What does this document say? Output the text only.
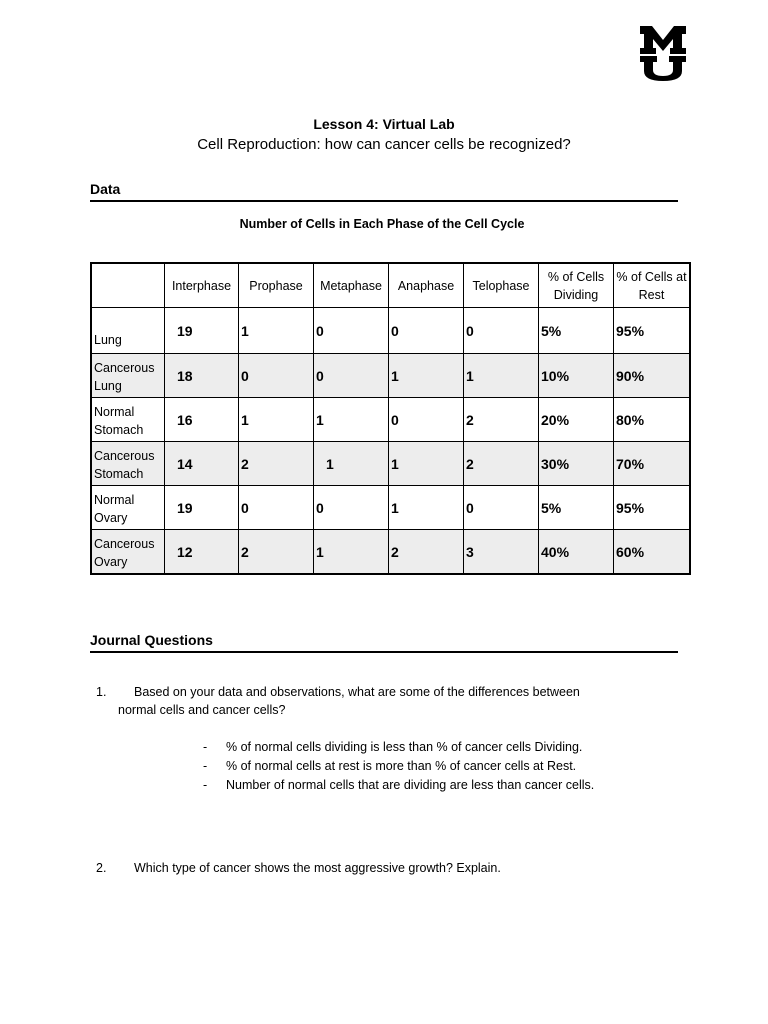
Lesson 4: Virtual Lab
Cell Reproduction: how can cancer cells be recognized?
Data
Number of Cells in Each Phase of the Cell Cycle
	Interphase	Prophase	Metaphase	Anaphase	Telophase	% of Cells Dividing	% of Cells at Rest
Lung	19	1	0	0	0	5%	95%
Cancerous Lung	18	0	0	1	1	10%	90%
Normal Stomach	16	1	1	0	2	20%	80%
Cancerous Stomach	14	2	1	1	2	30%	70%
Normal Ovary	19	0	0	1	0	5%	95%
Cancerous Ovary	12	2	1	2	3	40%	60%
Journal Questions
1. Based on your data and observations, what are some of the differences between
normal cells and cancer cells?
- % of normal cells dividing is less than % of cancer cells Dividing.
- % of normal cells at rest is more than % of cancer cells at Rest.
- Number of normal cells that are dividing are less than cancer cells.
2. Which type of cancer shows the most aggressive growth? Explain.
